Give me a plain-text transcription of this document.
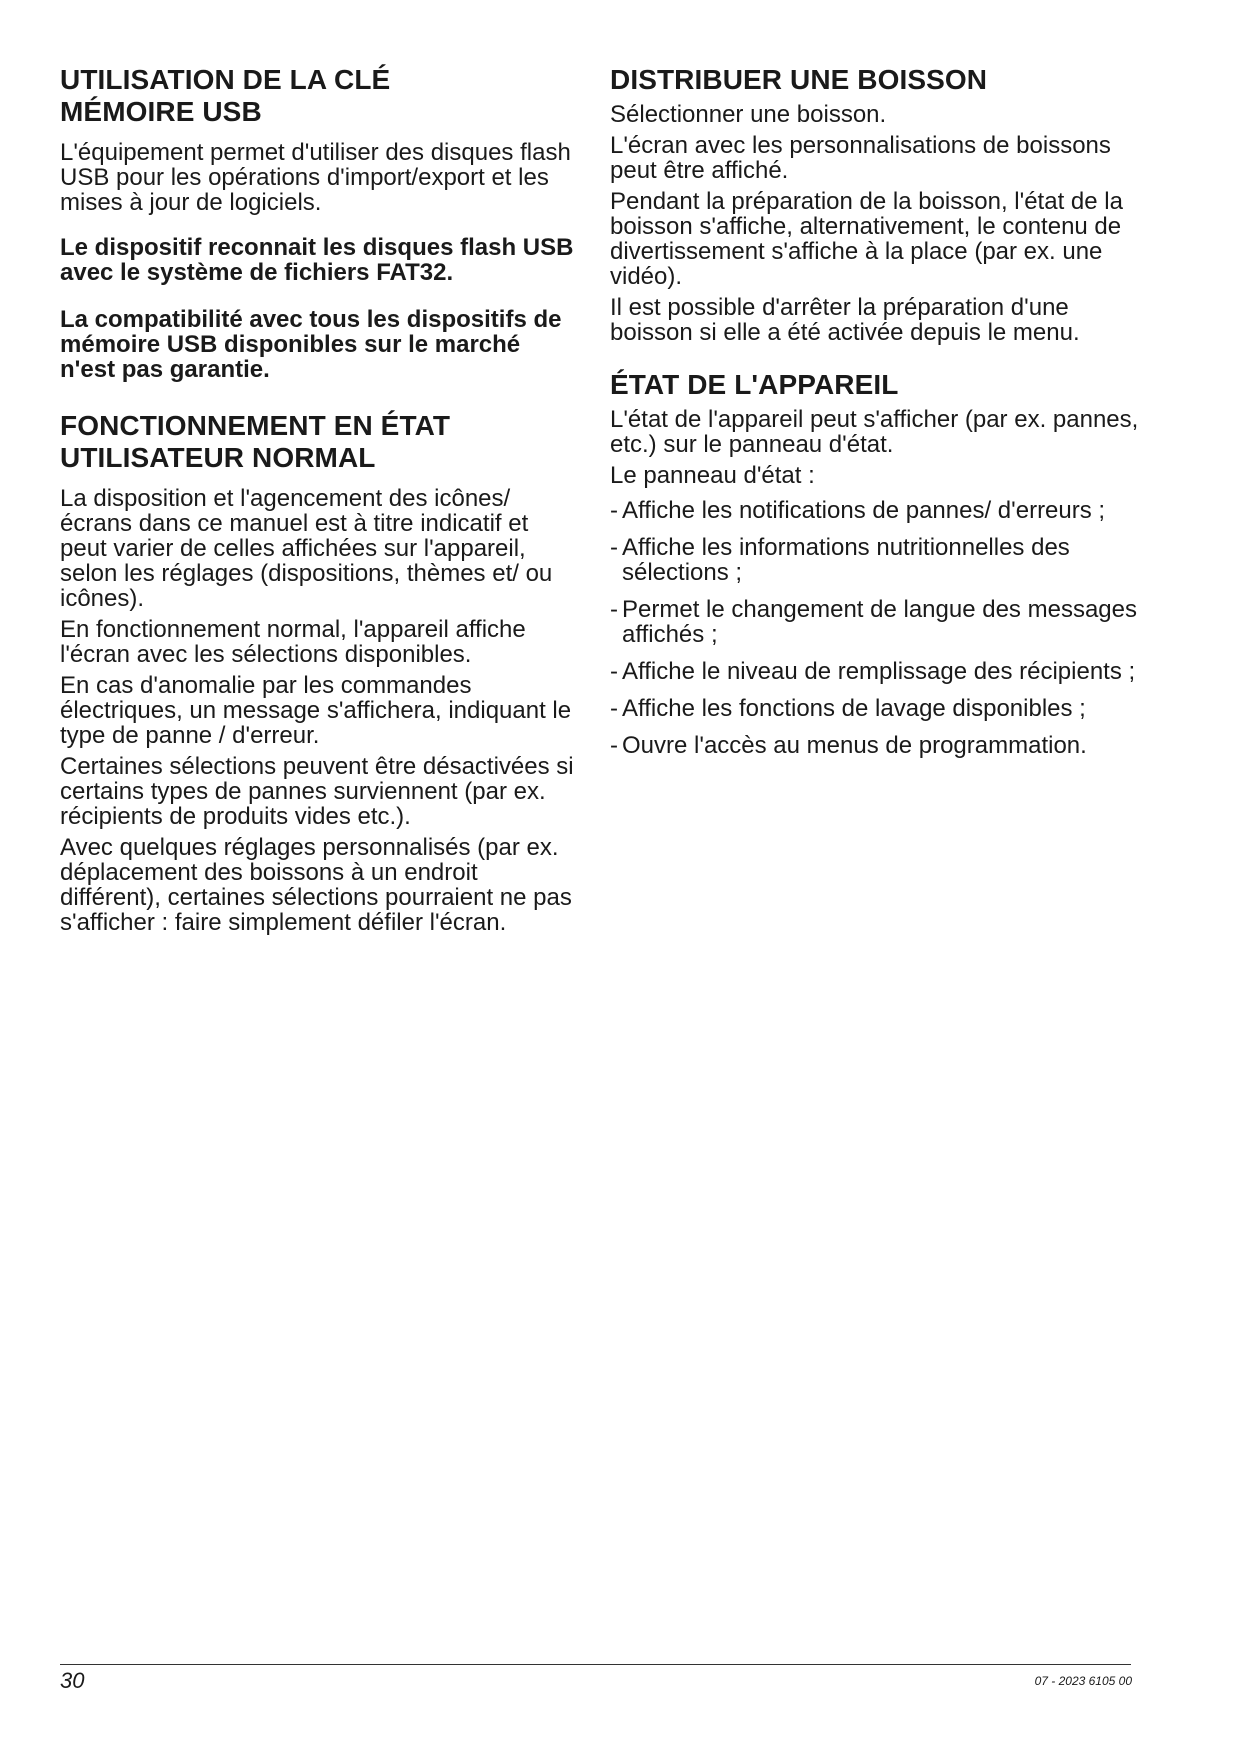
UTILISATION DE LA CLÉ
MÉMOIRE USB

L'équipement permet d'utiliser des disques flash USB pour les opérations d'import/export et les mises à jour de logiciels.

Le dispositif reconnait les disques flash USB avec le système de fichiers FAT32.

La compatibilité avec tous les dispositifs de mémoire USB disponibles sur le marché n'est pas garantie.

FONCTIONNEMENT EN ÉTAT
UTILISATEUR NORMAL

La disposition et l'agencement des icônes/ écrans dans ce manuel est à titre indicatif et peut varier de celles affichées sur l'appareil, selon les réglages (dispositions, thèmes et/ ou icônes).

En fonctionnement normal, l'appareil affiche l'écran avec les sélections disponibles.

En cas d'anomalie par les commandes électriques, un message s'affichera, indiquant le type de panne / d'erreur.

Certaines sélections peuvent être désactivées si certains types de pannes surviennent (par ex. récipients de produits vides etc.).

Avec quelques réglages personnalisés (par ex. déplacement des boissons à un endroit différent), certaines sélections pourraient ne pas s'afficher : faire simplement défiler l'écran.

DISTRIBUER UNE BOISSON

Sélectionner une boisson.

L'écran avec les personnalisations de boissons peut être affiché.

Pendant la préparation de la boisson, l'état de la boisson s'affiche, alternativement, le contenu de divertissement s'affiche à la place (par ex. une vidéo).

Il est possible d'arrêter la préparation d'une boisson si elle a été activée depuis le menu.

ÉTAT DE L'APPAREIL

L'état de l'appareil peut s'afficher (par ex. pannes, etc.) sur le panneau d'état.

Le panneau d'état :

- Affiche les notifications de pannes/ d'erreurs ;
- Affiche les informations nutritionnelles des sélections ;
- Permet le changement de langue des messages affichés ;
- Affiche le niveau de remplissage des récipients ;
- Affiche les fonctions de lavage disponibles ;
- Ouvre l'accès au menus de programmation.
30	07 - 2023 6105 00
